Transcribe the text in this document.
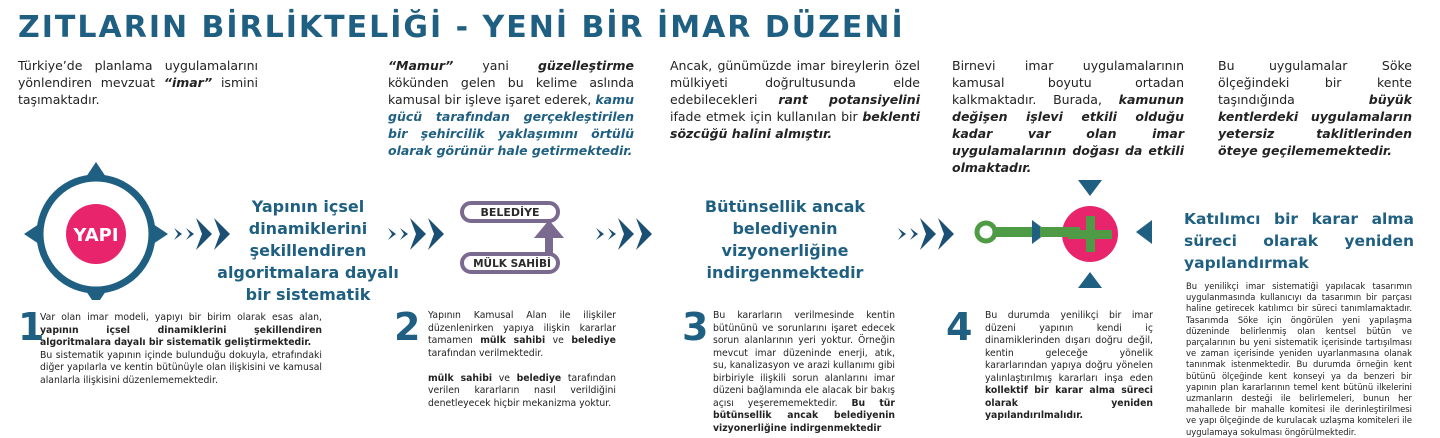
ZITLARIN BİRLİKTELİĞİ - YENİ BİR İMAR DÜZENİ
Türkiye’de planlama uygulamalarını yönlendiren mevzuat “imar” ismini taşımaktadır.
“Mamur” yani güzelleştirme kökünden gelen bu kelime aslında kamusal bir işleve işaret ederek, kamu gücü tarafından gerçekleştirilen bir şehircilik yaklaşımını örtülü olarak görünür hale getirmektedir.
Ancak, günümüzde imar bireylerin özel mülkiyeti doğrultusunda elde edebilecekleri rant potansiyelini ifade etmek için kullanılan bir beklenti sözcüğü halini almıştır.
Birnevi imar uygulamalarının kamusal boyutu ortadan kalkmaktadır. Burada, kamunun değişen işlevi etkili olduğu kadar var olan imar uygulamalarının doğası da etkili olmaktadır.
Bu uygulamalar Söke ölçeğindeki bir kente taşındığında büyük kentlerdeki uygulamaların yetersiz taklitlerinden öteye geçilememektedir.
YAPI
BELEDİYE
MÜLK SAHİBİ
Yapının içsel dinamiklerini şekillendiren algoritmalara dayalı bir sistematik
Bütünsellik ancak belediyenin vizyonerliğine indirgenmektedir
Katılımcı bir karar alma süreci olarak yeniden yapılandırmak
1	2	3	4
Var olan imar modeli, yapıyı bir birim olarak esas alan, yapının içsel dinamiklerini şekillendiren algoritmalara dayalı bir sistematik geliştirmektedir.
Bu sistematik yapının içinde bulunduğu dokuyla, etrafındaki diğer yapılarla ve kentin bütünüyle olan ilişkisini ve kamusal alanlarla ilişkisini düzenlememektedir.
Yapının Kamusal Alan ile ilişkiler düzenlenirken yapıya ilişkin kararlar tamamen mülk sahibi ve belediye tarafından verilmektedir.

mülk sahibi ve belediye tarafından verilen kararların nasıl verildiğini denetleyecek hiçbir mekanizma yoktur.
Bu kararların verilmesinde kentin bütününü ve sorunlarını işaret edecek sorun alanlarının yeri yoktur. Örneğin mevcut imar düzeninde enerji, atık, su, kanalizasyon ve arazi kullanımı gibi birbiriyle ilişkili sorun alanlarını imar düzeni bağlamında ele alacak bir bakış açısı yeşerememektedir. Bu tür bütünsellik ancak belediyenin vizyonerliğine indirgenmektedir
Bu durumda yenilikçi bir imar düzeni yapının kendi iç dinamiklerinden dışarı doğru değil, kentin geleceğe yönelik kararlarından yapıya doğru yönelen yalınlaştırılmış kararları inşa eden kollektif bir karar alma süreci olarak yeniden yapılandırılmalıdır.
Bu yenilikçi imar sistematiği yapılacak tasarımın uygulanmasında kullanıcıyı da tasarımın bir parçası haline getirecek katılımcı bir süreci tanımlamaktadır. Tasarımda Söke için öngörülen yeni yapılaşma düzeninde belirlenmiş olan kentsel bütün ve parçalarının bu yeni sistematik içerisinde tartışılması ve zaman içerisinde yeniden uyarlanmasına olanak tanınmak istenmektedir. Bu durumda örneğin kent bütünü ölçeğinde kent konseyi ya da benzeri bir yapının plan kararlarının temel kent bütünü ilkelerini uzmanların desteği ile belirlemeleri, bunun her mahallede bir mahalle komitesi ile derinleştirilmesi ve yapı ölçeğinde de kurulacak uzlaşma komiteleri ile uygulamaya sokulması öngörülmektedir.
